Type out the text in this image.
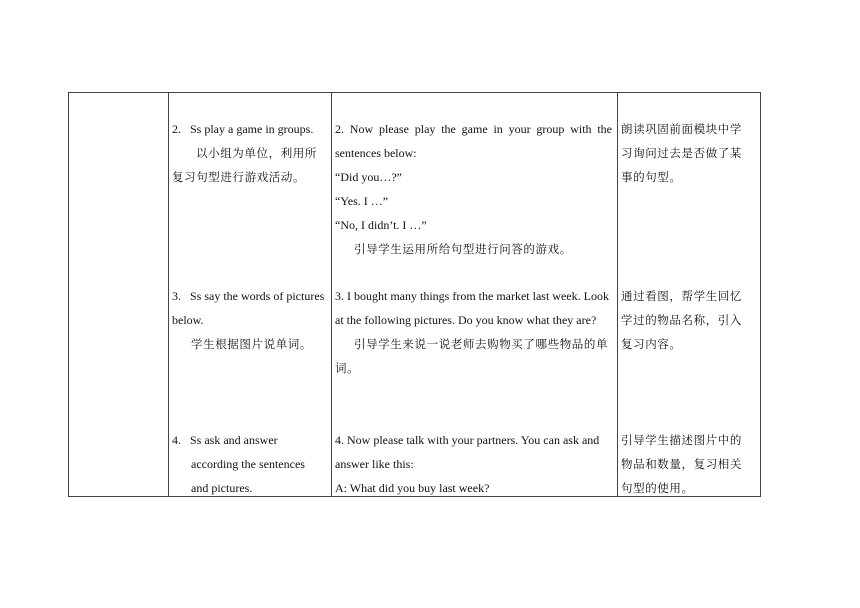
2.   Ss play a game in groups.

以小组为单位，利用所复习句型进行游戏活动。

2. Now please play the game in your group with the sentences below:

“Did you…?”

“Yes. I …”

“No, I didn’t. I …”

引导学生运用所给句型进行问答的游戏。

朗读巩固前面模块中学习询问过去是否做了某事的句型。

3.   Ss say the words of pictures below.

学生根据图片说单词。

3. I bought many things from the market last week. Look at the following pictures. Do you know what they are?

引导学生来说一说老师去购物买了哪些物品的单词。

通过看图，帮学生回忆学过的物品名称，引入复习内容。

4.   Ss ask and answer according the sentences and pictures.

4. Now please talk with your partners. You can ask and answer like this:

A: What did you buy last week?

引导学生描述图片中的物品和数量，复习相关句型的使用。
